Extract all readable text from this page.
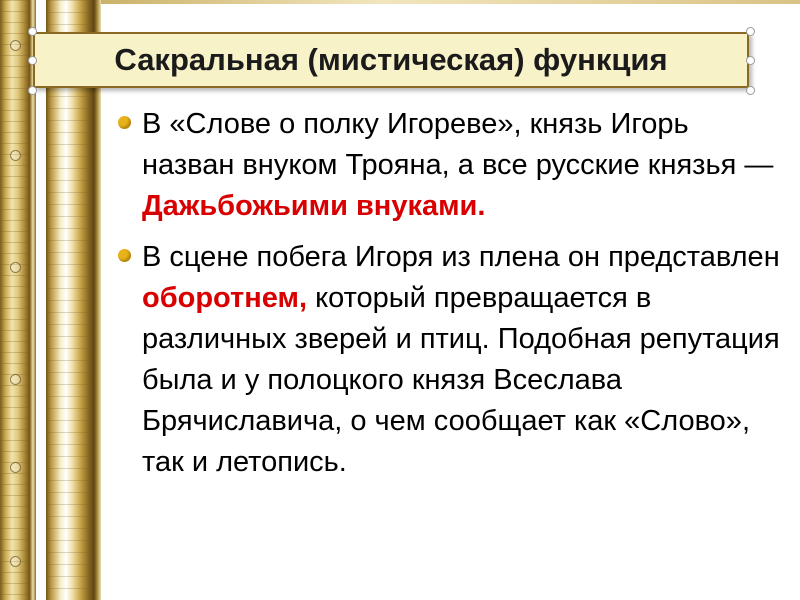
Сакральная (мистическая) функция
В «Слове о полку Игореве», князь Игорь назван внуком Трояна, а все русские князья — Дажьбожьими внуками.
В сцене побега Игоря из плена он представлен оборотнем, который превращается в различных зверей и птиц. Подобная репутация была и у полоцкого князя Всеслава Брячиславича, о чем сообщает как «Слово», так и летопись.
